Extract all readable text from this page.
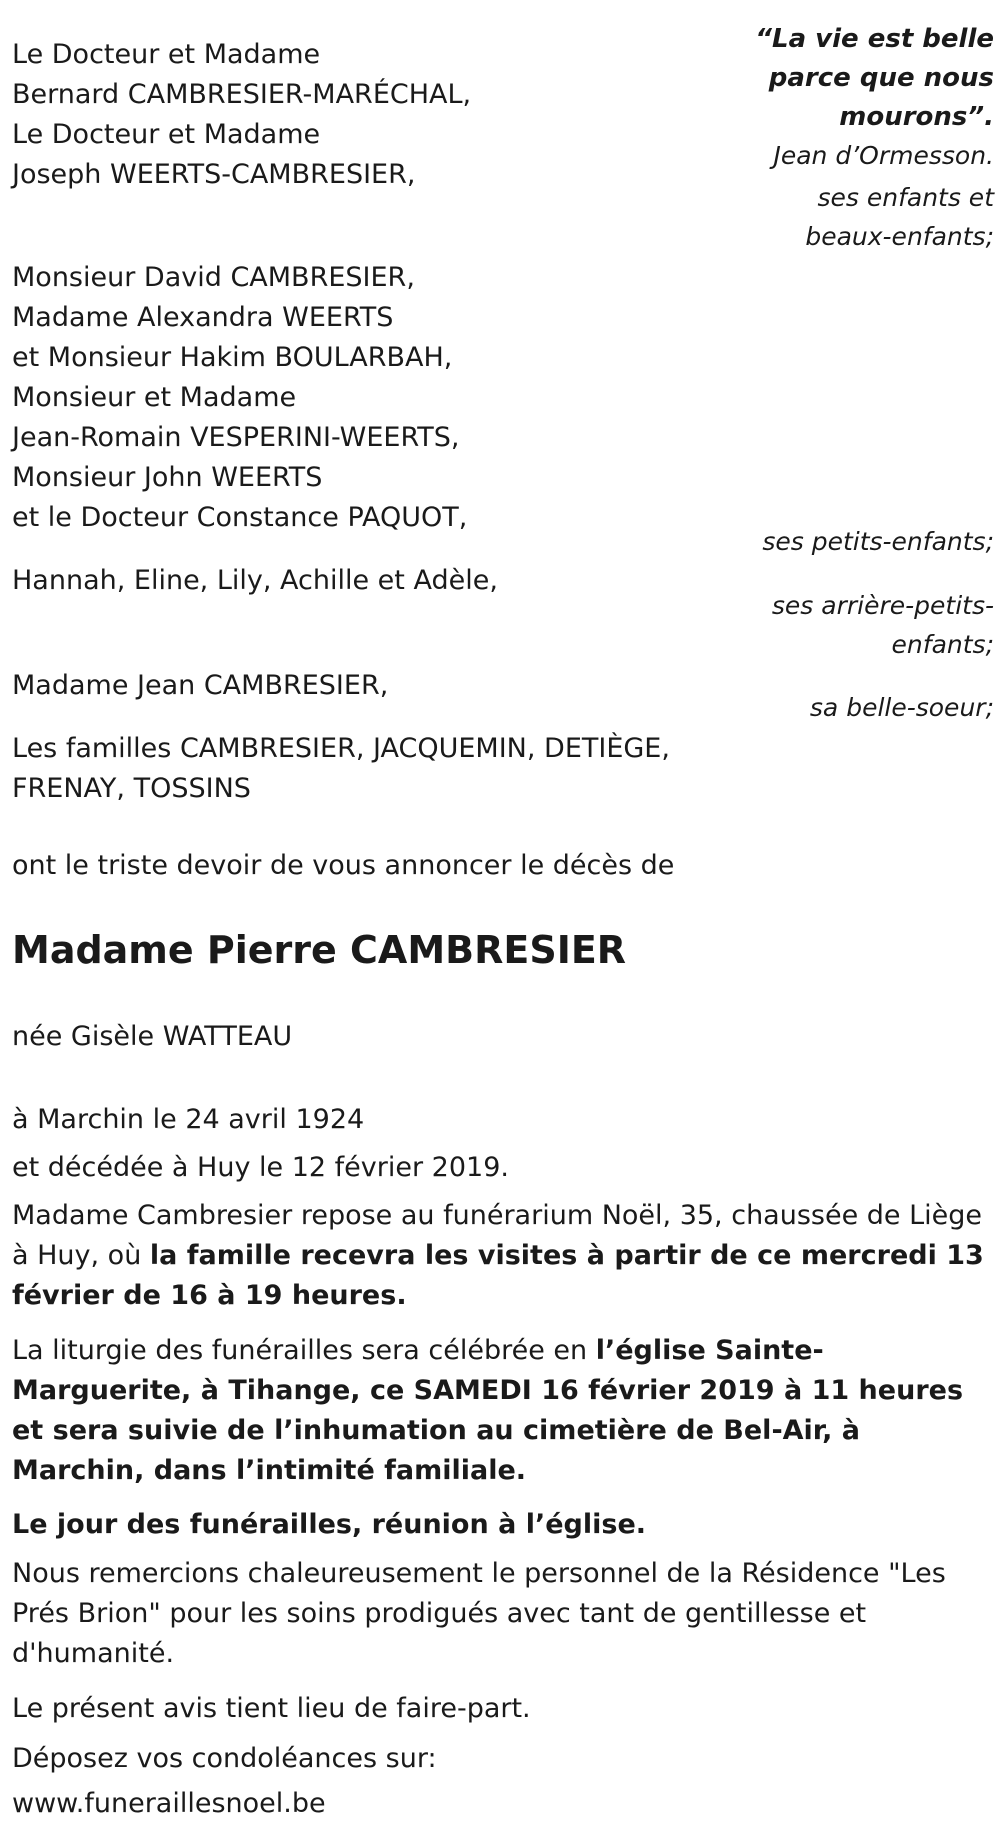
“La vie est belle

parce que nous

mourons”.

Jean d’Ormesson.

Le Docteur et Madame

Bernard CAMBRESIER-MARÉCHAL,

Le Docteur et Madame

Joseph WEERTS-CAMBRESIER,

ses enfants et

beaux-enfants;

Monsieur David CAMBRESIER,

Madame Alexandra WEERTS

et Monsieur Hakim BOULARBAH,

Monsieur et Madame

Jean-Romain VESPERINI-WEERTS,

Monsieur John WEERTS

et le Docteur Constance PAQUOT,

ses petits-enfants;

Hannah, Eline, Lily, Achille et Adèle,

ses arrière-petits-

enfants;

Madame Jean CAMBRESIER,

sa belle-soeur;

Les familles CAMBRESIER, JACQUEMIN, DETIÈGE,

FRENAY, TOSSINS

ont le triste devoir de vous annoncer le décès de

Madame Pierre CAMBRESIER

née Gisèle WATTEAU

à Marchin le 24 avril 1924

et décédée à Huy le 12 février 2019.

Madame Cambresier repose au funérarium Noël, 35, chaussée de Liège à Huy, où la famille recevra les visites à partir de ce mercredi 13 février de 16 à 19 heures.

La liturgie des funérailles sera célébrée en l’église Sainte-Marguerite, à Tihange, ce SAMEDI 16 février 2019 à 11 heures et sera suivie de l’inhumation au cimetière de Bel-Air, à Marchin, dans l’intimité familiale.

Le jour des funérailles, réunion à l’église.

Nous remercions chaleureusement le personnel de la Résidence "Les Prés Brion" pour les soins prodigués avec tant de gentillesse et d'humanité.

Le présent avis tient lieu de faire-part.

Déposez vos condoléances sur:

www.funeraillesnoel.be
